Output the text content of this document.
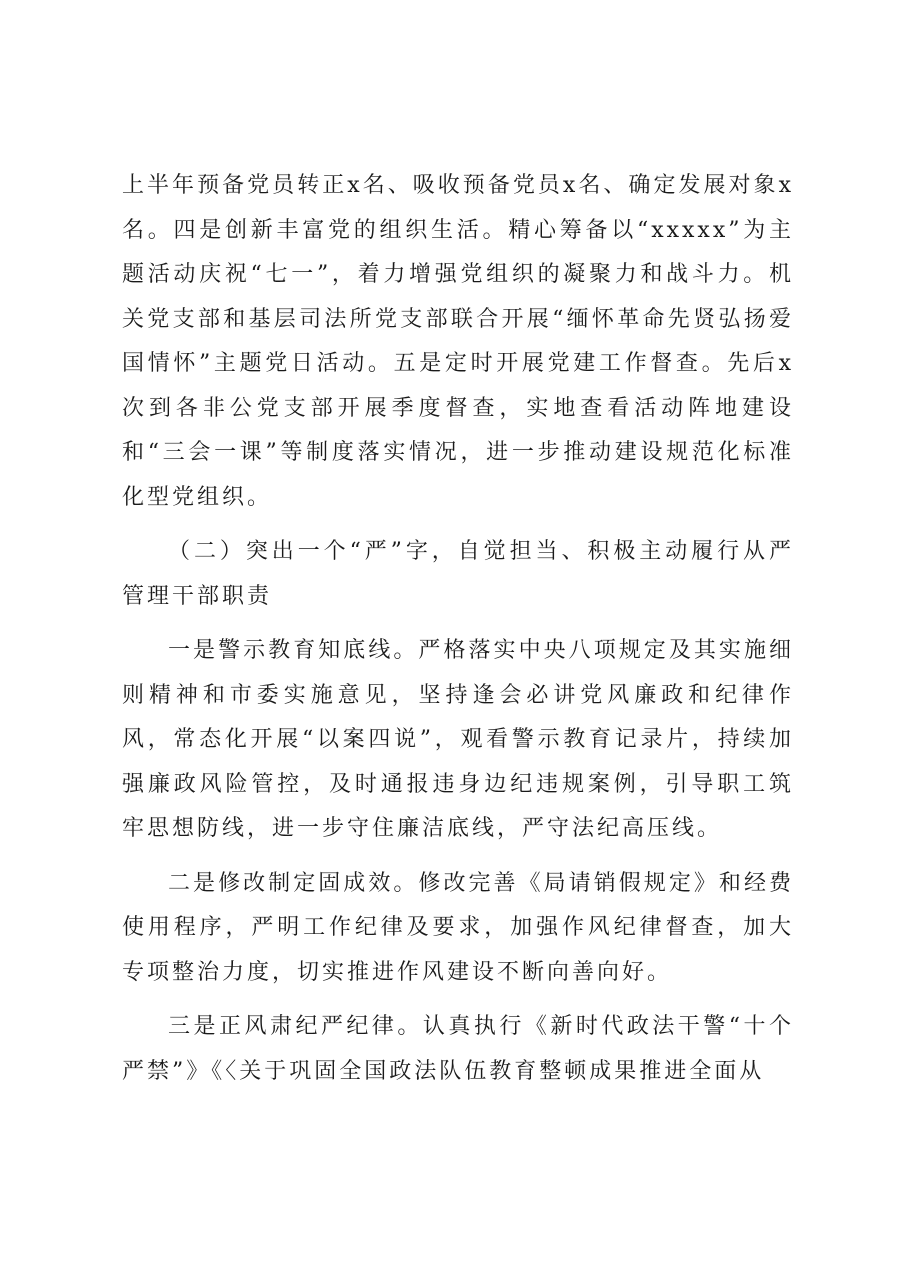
上半年预备党员转正x名、吸收预备党员x名、确定发展对象x名。四是创新丰富党的组织生活。精心筹备以“xxxxx”为主题活动庆祝“七一”，着力增强党组织的凝聚力和战斗力。机关党支部和基层司法所党支部联合开展“缅怀革命先贤弘扬爱国情怀”主题党日活动。五是定时开展党建工作督查。先后x次到各非公党支部开展季度督查，实地查看活动阵地建设和“三会一课”等制度落实情况，进一步推动建设规范化标准化型党组织。

（二）突出一个“严”字，自觉担当、积极主动履行从严管理干部职责

一是警示教育知底线。严格落实中央八项规定及其实施细则精神和市委实施意见，坚持逢会必讲党风廉政和纪律作风，常态化开展“以案四说”，观看警示教育记录片，持续加强廉政风险管控，及时通报违身边纪违规案例，引导职工筑牢思想防线，进一步守住廉洁底线，严守法纪高压线。

二是修改制定固成效。修改完善《局请销假规定》和经费使用程序，严明工作纪律及要求，加强作风纪律督查，加大专项整治力度，切实推进作风建设不断向善向好。

三是正风肃纪严纪律。认真执行《新时代政法干警“十个严禁”》《〈关于巩固全国政法队伍教育整顿成果推进全面从
